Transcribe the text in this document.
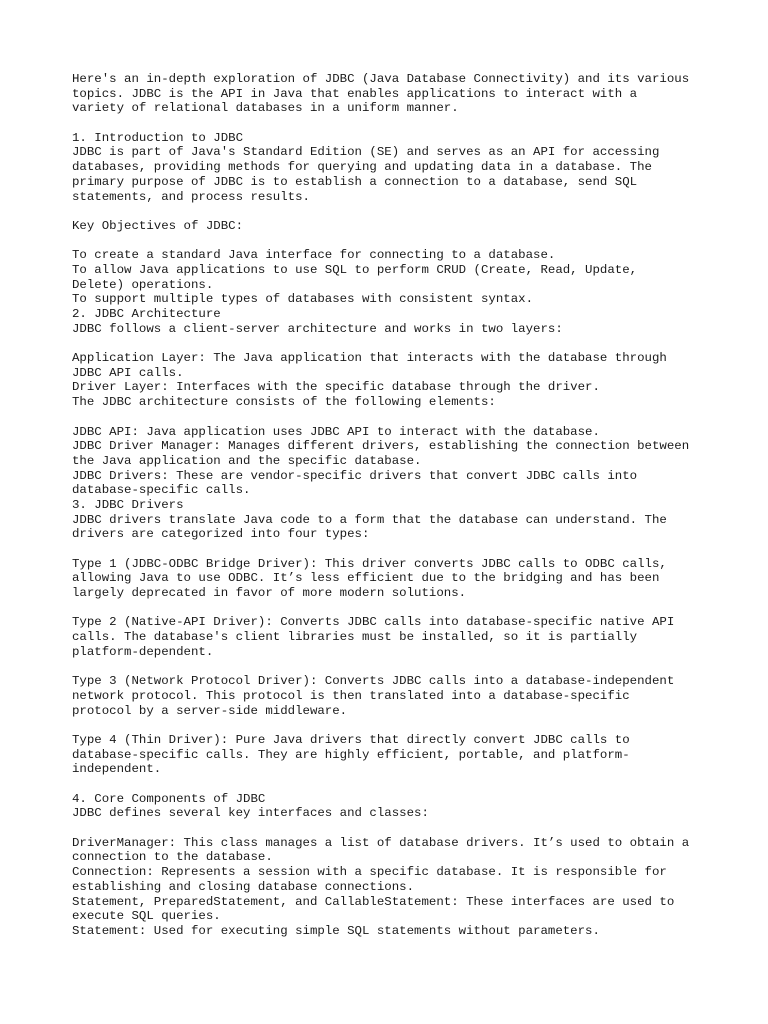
Here's an in-depth exploration of JDBC (Java Database Connectivity) and its various
topics. JDBC is the API in Java that enables applications to interact with a
variety of relational databases in a uniform manner.
1. Introduction to JDBC
JDBC is part of Java's Standard Edition (SE) and serves as an API for accessing
databases, providing methods for querying and updating data in a database. The
primary purpose of JDBC is to establish a connection to a database, send SQL
statements, and process results.
Key Objectives of JDBC:
To create a standard Java interface for connecting to a database.
To allow Java applications to use SQL to perform CRUD (Create, Read, Update,
Delete) operations.
To support multiple types of databases with consistent syntax.
2. JDBC Architecture
JDBC follows a client-server architecture and works in two layers:
Application Layer: The Java application that interacts with the database through
JDBC API calls.
Driver Layer: Interfaces with the specific database through the driver.
The JDBC architecture consists of the following elements:
JDBC API: Java application uses JDBC API to interact with the database.
JDBC Driver Manager: Manages different drivers, establishing the connection between
the Java application and the specific database.
JDBC Drivers: These are vendor-specific drivers that convert JDBC calls into
database-specific calls.
3. JDBC Drivers
JDBC drivers translate Java code to a form that the database can understand. The
drivers are categorized into four types:
Type 1 (JDBC-ODBC Bridge Driver): This driver converts JDBC calls to ODBC calls,
allowing Java to use ODBC. It’s less efficient due to the bridging and has been
largely deprecated in favor of more modern solutions.
Type 2 (Native-API Driver): Converts JDBC calls into database-specific native API
calls. The database's client libraries must be installed, so it is partially
platform-dependent.
Type 3 (Network Protocol Driver): Converts JDBC calls into a database-independent
network protocol. This protocol is then translated into a database-specific
protocol by a server-side middleware.
Type 4 (Thin Driver): Pure Java drivers that directly convert JDBC calls to
database-specific calls. They are highly efficient, portable, and platform-
independent.
4. Core Components of JDBC
JDBC defines several key interfaces and classes:
DriverManager: This class manages a list of database drivers. It’s used to obtain a
connection to the database.
Connection: Represents a session with a specific database. It is responsible for
establishing and closing database connections.
Statement, PreparedStatement, and CallableStatement: These interfaces are used to
execute SQL queries.
Statement: Used for executing simple SQL statements without parameters.
